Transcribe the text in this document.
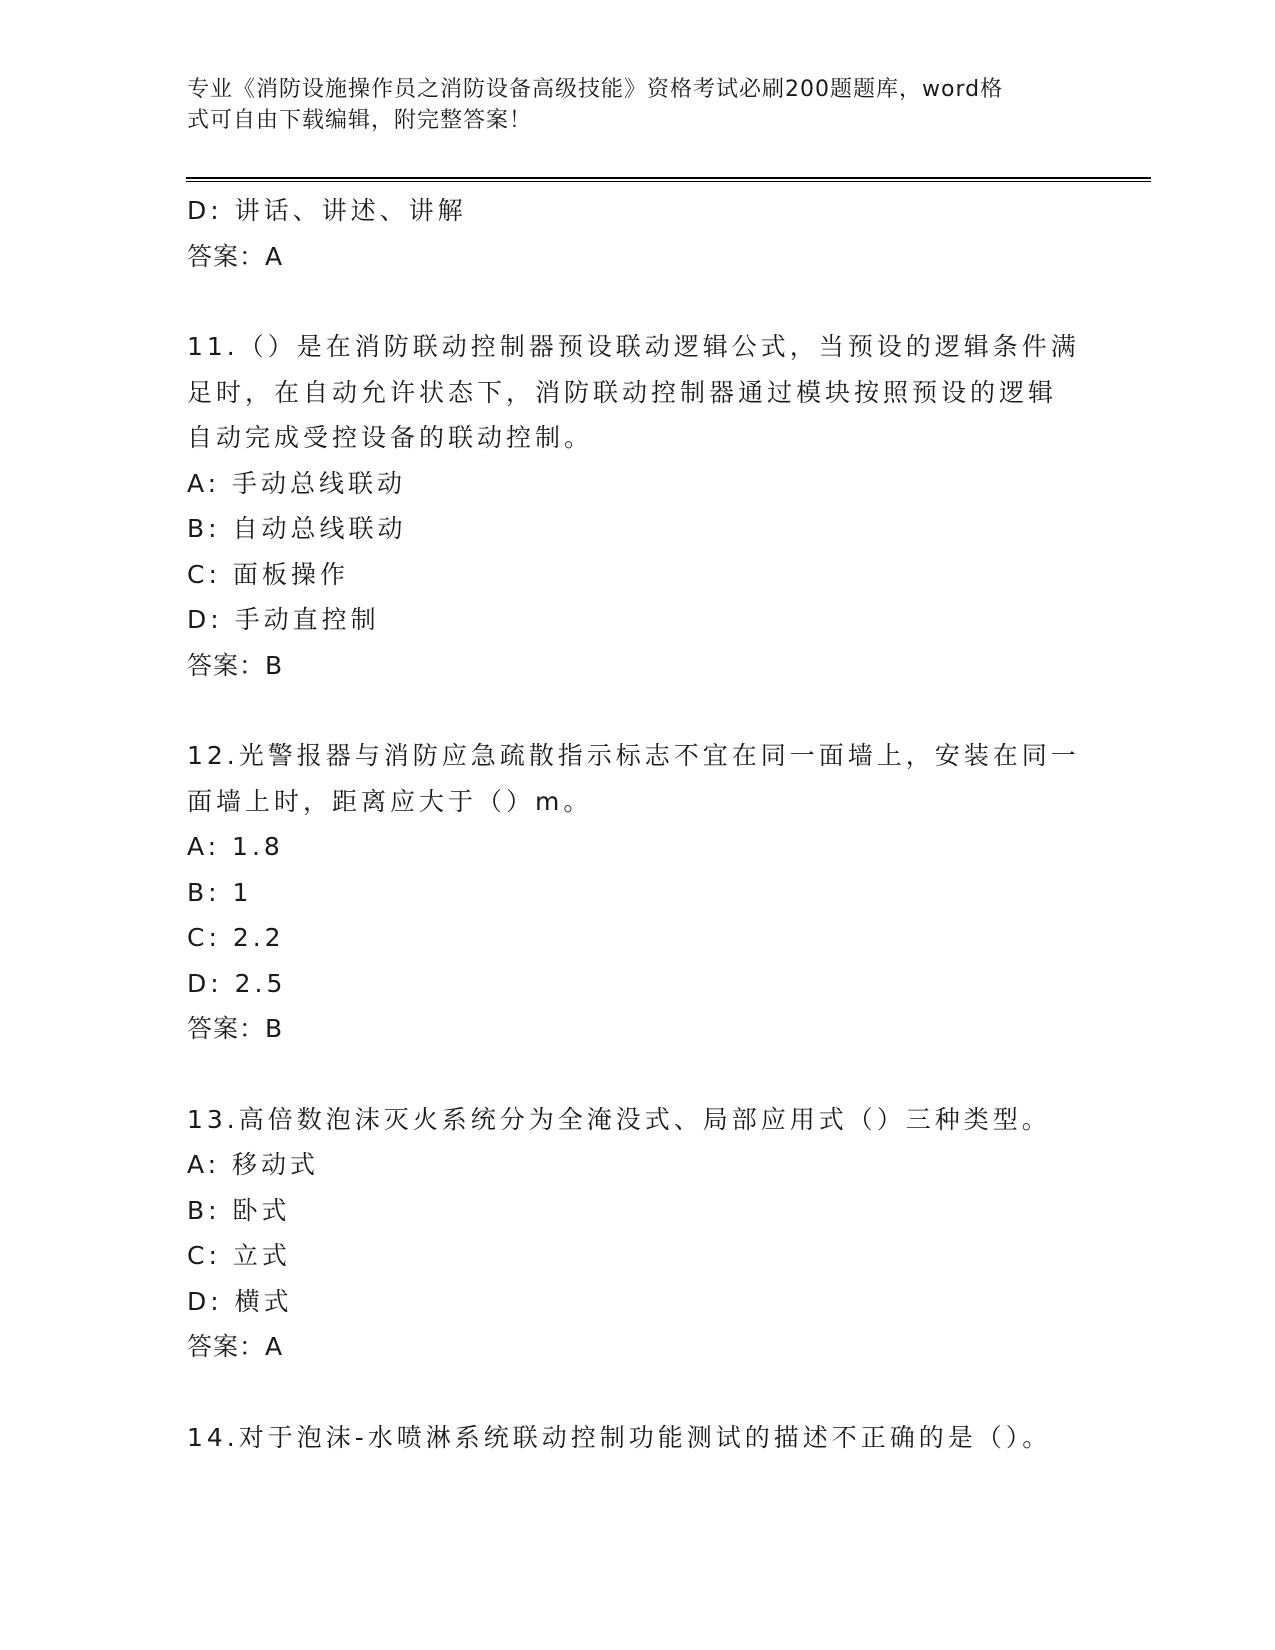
专业《消防设施操作员之消防设备高级技能》资格考试必刷200题题库，word格
式可自由下载编辑，附完整答案！
D: 讲话、讲述、讲解
答案：A
11.（）是在消防联动控制器预设联动逻辑公式，当预设的逻辑条件满
足时，在自动允许状态下，消防联动控制器通过模块按照预设的逻辑
自动完成受控设备的联动控制。
A: 手动总线联动
B: 自动总线联动
C: 面板操作
D: 手动直控制
答案：B
12.光警报器与消防应急疏散指示标志不宜在同一面墙上，安装在同一
面墙上时，距离应大于（）m。
A: 1.8
B: 1
C: 2.2
D: 2.5
答案：B
13.高倍数泡沫灭火系统分为全淹没式、局部应用式（）三种类型。
A: 移动式
B: 卧式
C: 立式
D: 横式
答案：A
14.对于泡沫-水喷淋系统联动控制功能测试的描述不正确的是（）。
